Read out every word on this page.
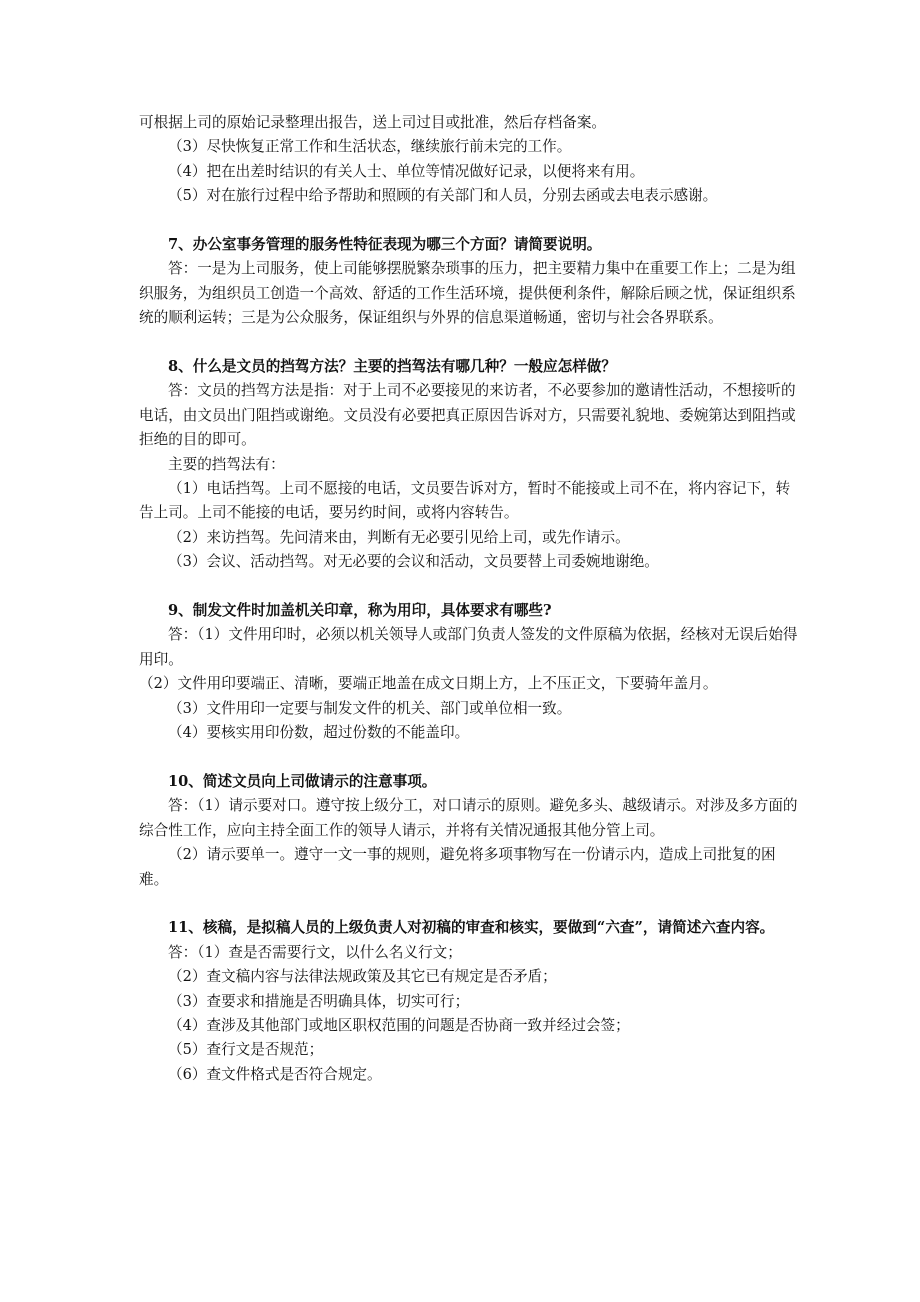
可根据上司的原始记录整理出报告，送上司过目或批准，然后存档备案。

（3）尽快恢复正常工作和生活状态，继续旅行前未完的工作。

（4）把在出差时结识的有关人士、单位等情况做好记录，以便将来有用。

（5）对在旅行过程中给予帮助和照顾的有关部门和人员，分别去函或去电表示感谢。

7、办公室事务管理的服务性特征表现为哪三个方面？请简要说明。

答：一是为上司服务，使上司能够摆脱繁杂琐事的压力，把主要精力集中在重要工作上；二是为组织服务，为组织员工创造一个高效、舒适的工作生活环境，提供便利条件，解除后顾之忧，保证组织系统的顺利运转；三是为公众服务，保证组织与外界的信息渠道畅通，密切与社会各界联系。

8、什么是文员的挡驾方法？主要的挡驾法有哪几种？一般应怎样做？

答：文员的挡驾方法是指：对于上司不必要接见的来访者，不必要参加的邀请性活动，不想接听的电话，由文员出门阻挡或谢绝。文员没有必要把真正原因告诉对方，只需要礼貌地、委婉第达到阻挡或拒绝的目的即可。

主要的挡驾法有：

（1）电话挡驾。上司不愿接的电话，文员要告诉对方，暂时不能接或上司不在，将内容记下，转告上司。上司不能接的电话，要另约时间，或将内容转告。

（2）来访挡驾。先问清来由，判断有无必要引见给上司，或先作请示。

（3）会议、活动挡驾。对无必要的会议和活动，文员要替上司委婉地谢绝。

9、制发文件时加盖机关印章，称为用印，具体要求有哪些?

答：（1）文件用印时，必须以机关领导人或部门负责人签发的文件原稿为依据，经核对无误后始得用印。

（2）文件用印要端正、清晰，要端正地盖在成文日期上方，上不压正文，下要骑年盖月。

（3）文件用印一定要与制发文件的机关、部门或单位相一致。

（4）要核实用印份数，超过份数的不能盖印。

10、简述文员向上司做请示的注意事项。

答：（1）请示要对口。遵守按上级分工，对口请示的原则。避免多头、越级请示。对涉及多方面的综合性工作，应向主持全面工作的领导人请示，并将有关情况通报其他分管上司。

（2）请示要单一。遵守一文一事的规则，避免将多项事物写在一份请示内，造成上司批复的困难。

11、核稿，是拟稿人员的上级负责人对初稿的审查和核实，要做到“六查”，请简述六查内容。

答：（1）查是否需要行文，以什么名义行文；

（2）查文稿内容与法律法规政策及其它已有规定是否矛盾；

（3）查要求和措施是否明确具体，切实可行；

（4）查涉及其他部门或地区职权范围的问题是否协商一致并经过会签；

（5）查行文是否规范；

（6）查文件格式是否符合规定。
